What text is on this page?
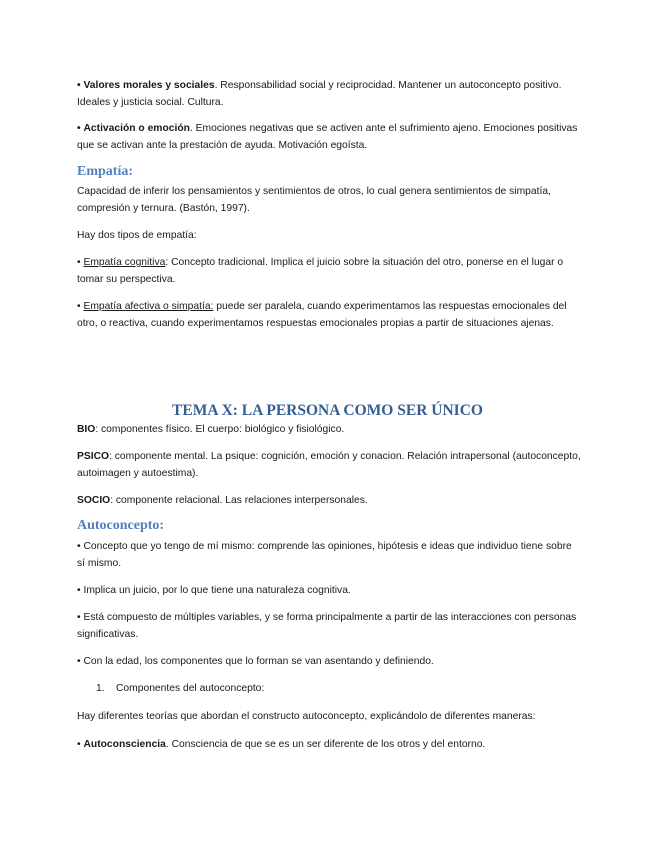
• Valores morales y sociales. Responsabilidad social y reciprocidad. Mantener un autoconcepto positivo. Ideales y justicia social. Cultura.

• Activación o emoción. Emociones negativas que se activen ante el sufrimiento ajeno. Emociones positivas que se activan ante la prestación de ayuda. Motivación egoísta.

Empatía:

Capacidad de inferir los pensamientos y sentimientos de otros, lo cual genera sentimientos de simpatía, compresión y ternura. (Bastón, 1997).

Hay dos tipos de empatía:

• Empatía cognitiva: Concepto tradicional. Implica el juicio sobre la situación del otro, ponerse en el lugar o tomar su perspectiva.

• Empatía afectiva o simpatía: puede ser paralela, cuando experimentamos las respuestas emocionales del otro, o reactiva, cuando experimentamos respuestas emocionales propias a partir de situaciones ajenas.

TEMA X: LA PERSONA COMO SER ÚNICO

BIO: componentes físico. El cuerpo: biológico y fisiológico.

PSICO: componente mental. La psique: cognición, emoción y conacion. Relación intrapersonal (autoconcepto, autoimagen y autoestima).

SOCIO: componente relacional. Las relaciones interpersonales.

Autoconcepto:

• Concepto que yo tengo de mí mismo: comprende las opiniones, hipótesis e ideas que individuo tiene sobre sí mismo.

• Implica un juicio, por lo que tiene una naturaleza cognitiva.

• Está compuesto de múltiples variables, y se forma principalmente a partir de las interacciones con personas significativas.

• Con la edad, los componentes que lo forman se van asentando y definiendo.

1. Componentes del autoconcepto:

Hay diferentes teorías que abordan el constructo autoconcepto, explicándolo de diferentes maneras:

• Autoconsciencia. Consciencia de que se es un ser diferente de los otros y del entorno.
